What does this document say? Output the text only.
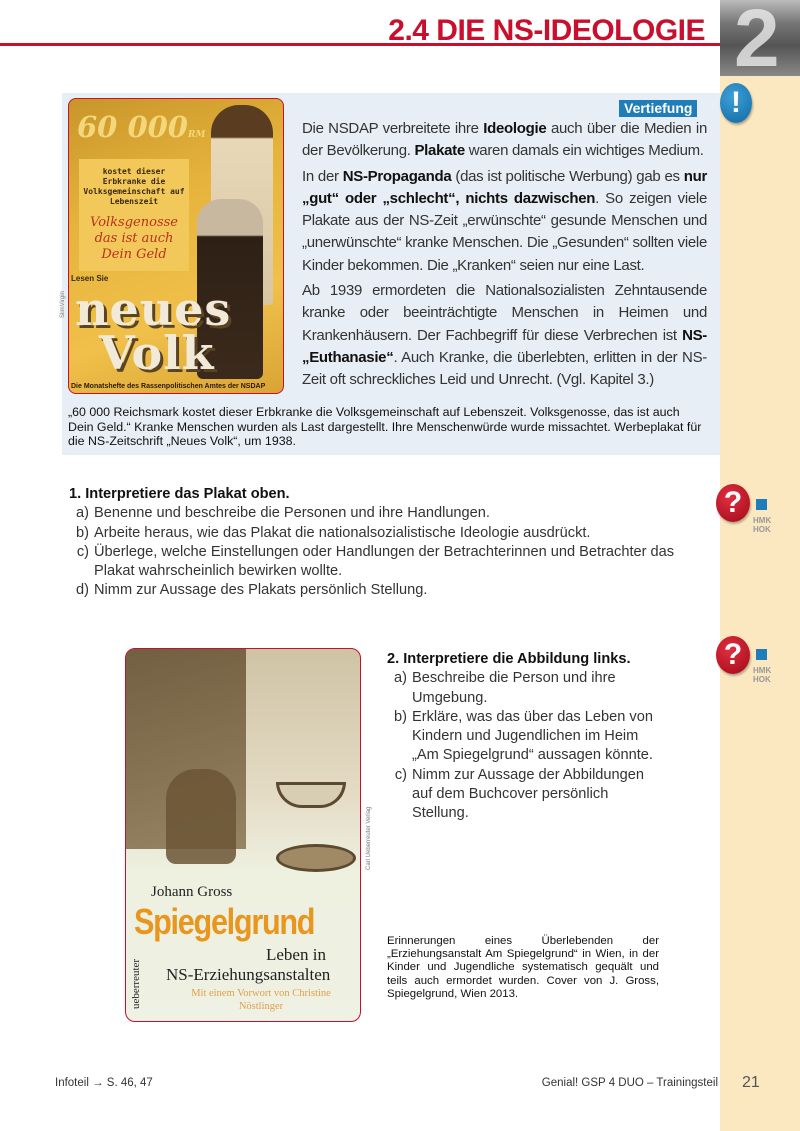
2
2.4 DIE NS-IDEOLOGIE
60 000RM
kostet dieser Erbkranke die Volksgemeinschaft auf Lebenszeit
Volksgenosse das ist auch Dein Geld
Lesen Sie
neues
Volk
Die Monatshefte des Rassenpolitischen Amtes der NSDAP
SlimVirgin
Vertiefung

Die NSDAP verbreitete ihre Ideologie auch über die Medien in der Bevölkerung. Plakate waren damals ein wichtiges Medium.

In der NS-Propaganda (das ist politische Werbung) gab es nur „gut“ oder „schlecht“, nichts dazwischen. So zeigen viele Plakate aus der NS-Zeit „erwünschte“ gesunde Menschen und „unerwünschte“ kranke Menschen. Die „Gesunden“ sollten viele Kinder bekommen. Die „Kranken“ seien nur eine Last.

Ab 1939 ermordeten die Nationalsozialisten Zehntausende kranke oder beeinträchtigte Menschen in Heimen und Krankenhäusern. Der Fachbegriff für diese Verbrechen ist NS-„Euthanasie“. Auch Kranke, die überlebten, erlitten in der NS-Zeit oft schreckliches Leid und Unrecht. (Vgl. Kapitel 3.)

„60 000 Reichsmark kostet dieser Erbkranke die Volksgemeinschaft auf Lebenszeit. Volksgenosse, das ist auch Dein Geld.“ Kranke Menschen wurden als Last dargestellt. Ihre Menschenwürde wurde missachtet. Werbeplakat für die NS-Zeitschrift „Neues Volk“, um 1938.
!
1. Interpretiere das Plakat oben.
a) Benenne und beschreibe die Personen und ihre Handlungen.
b) Arbeite heraus, wie das Plakat die nationalsozialistische Ideologie ausdrückt.
c) Überlege, welche Einstellungen oder Handlungen der Betrachterinnen und Betrachter das Plakat wahrscheinlich bewirken wollte.
d) Nimm zur Aussage des Plakats persönlich Stellung.
?
HMK
HOK
Johann Gross
Spiegelgrund
Leben in
NS-Erziehungsanstalten
Mit einem Vorwort von Christine Nöstlinger
ueberreuter
Carl Ueberreuter Verlag
2. Interpretiere die Abbildung links.
a) Beschreibe die Person und ihre Umgebung.
b) Erkläre, was das über das Leben von Kindern und Jugendlichen im Heim „Am Spiegelgrund“ aussagen könnte.
c) Nimm zur Aussage der Abbildungen auf dem Buchcover persönlich Stellung.
?	HMK
HOK
Erinnerungen eines Überlebenden der „Erziehungsanstalt Am Spiegelgrund“ in Wien, in der Kinder und Jugendliche systematisch gequält und teils auch ermordet wurden. Cover von J. Gross, Spiegelgrund, Wien 2013.
Infoteil → S. 46, 47	Genial! GSP 4 DUO – Trainingsteil 21
